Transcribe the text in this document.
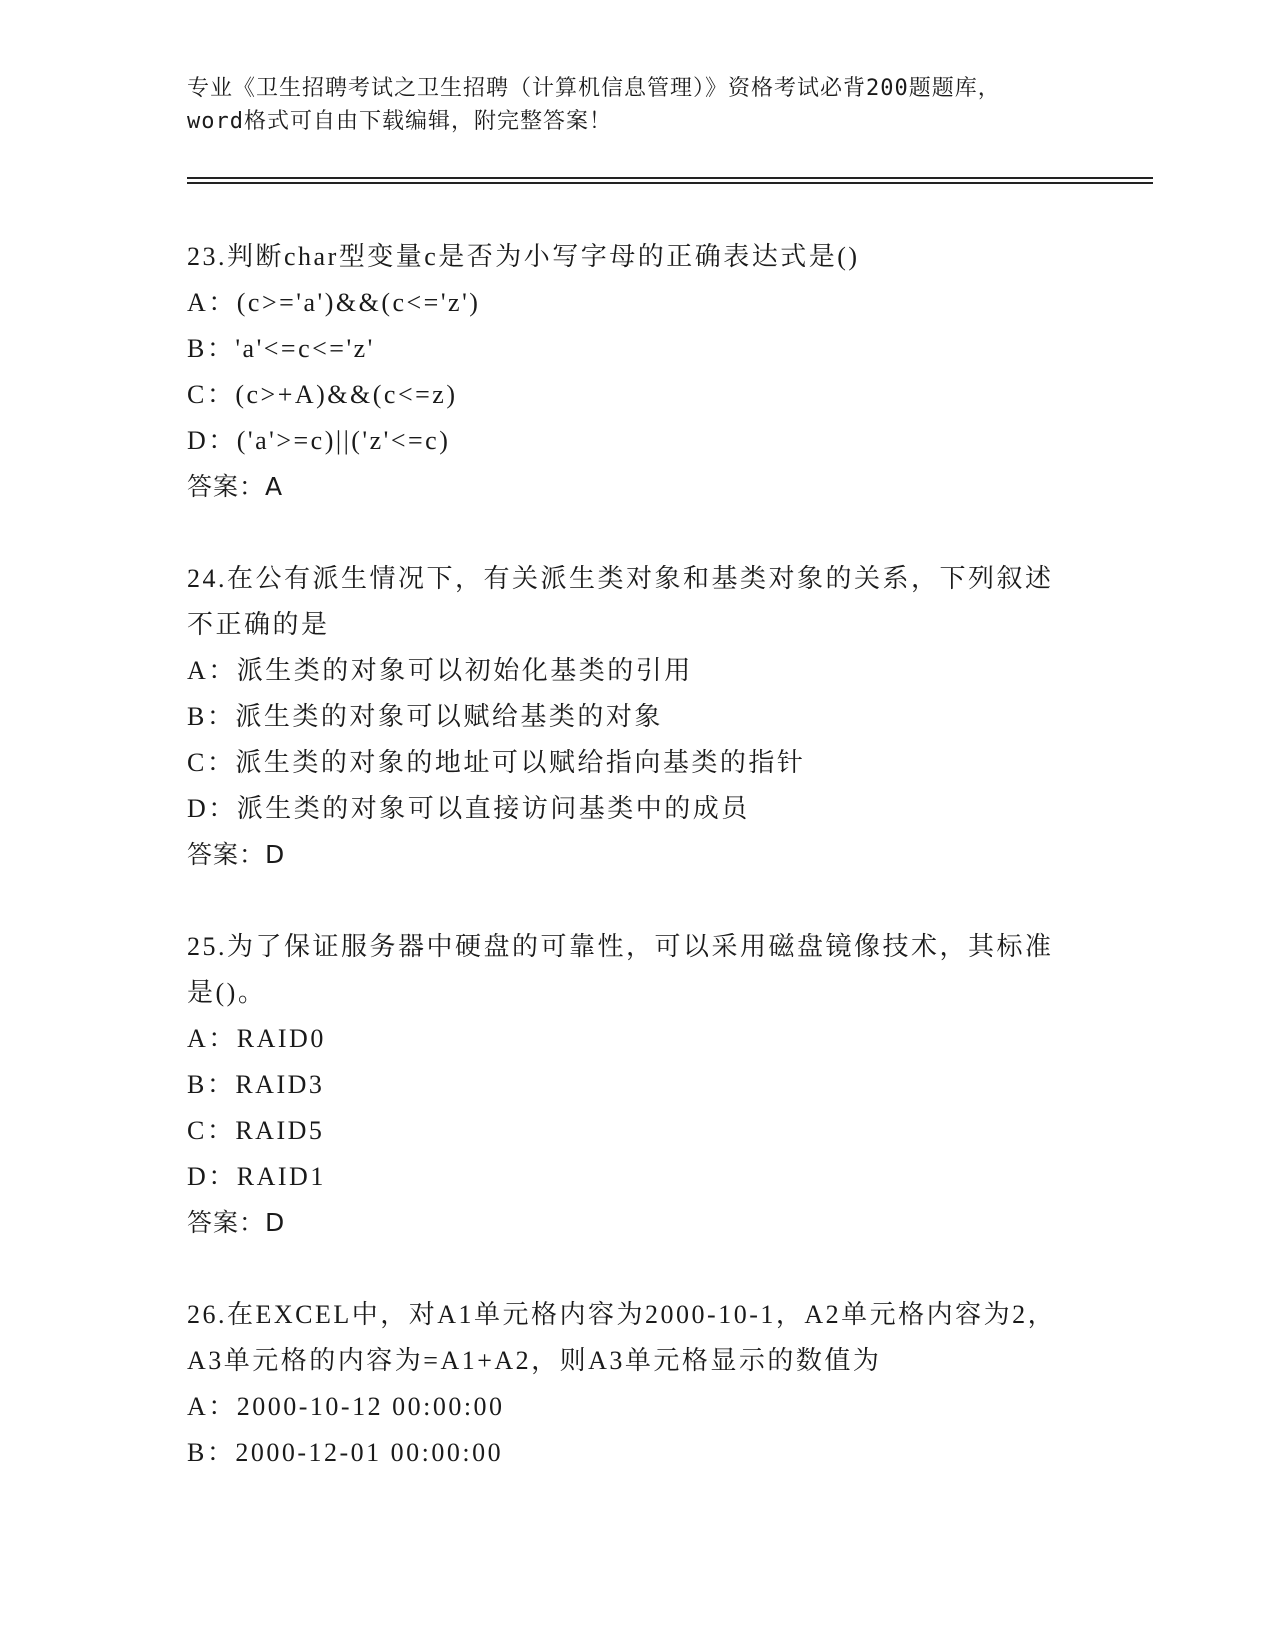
专业《卫生招聘考试之卫生招聘（计算机信息管理）》资格考试必背200题题库，
word格式可自由下载编辑，附完整答案！
23.判断char型变量c是否为小写字母的正确表达式是()
A：(c>='a')&&(c<='z')
B：'a'<=c<='z'
C：(c>+A)&&(c<=z)
D：('a'>=c)||('z'<=c)
答案：A
24.在公有派生情况下，有关派生类对象和基类对象的关系，下列叙述
不正确的是
A：派生类的对象可以初始化基类的引用
B：派生类的对象可以赋给基类的对象
C：派生类的对象的地址可以赋给指向基类的指针
D：派生类的对象可以直接访问基类中的成员
答案：D
25.为了保证服务器中硬盘的可靠性，可以采用磁盘镜像技术，其标准
是()。
A：RAID0
B：RAID3
C：RAID5
D：RAID1
答案：D
26.在EXCEL中，对A1单元格内容为2000-10-1，A2单元格内容为2，
A3单元格的内容为=A1+A2，则A3单元格显示的数值为
A：2000-10-12 00:00:00
B：2000-12-01 00:00:00
